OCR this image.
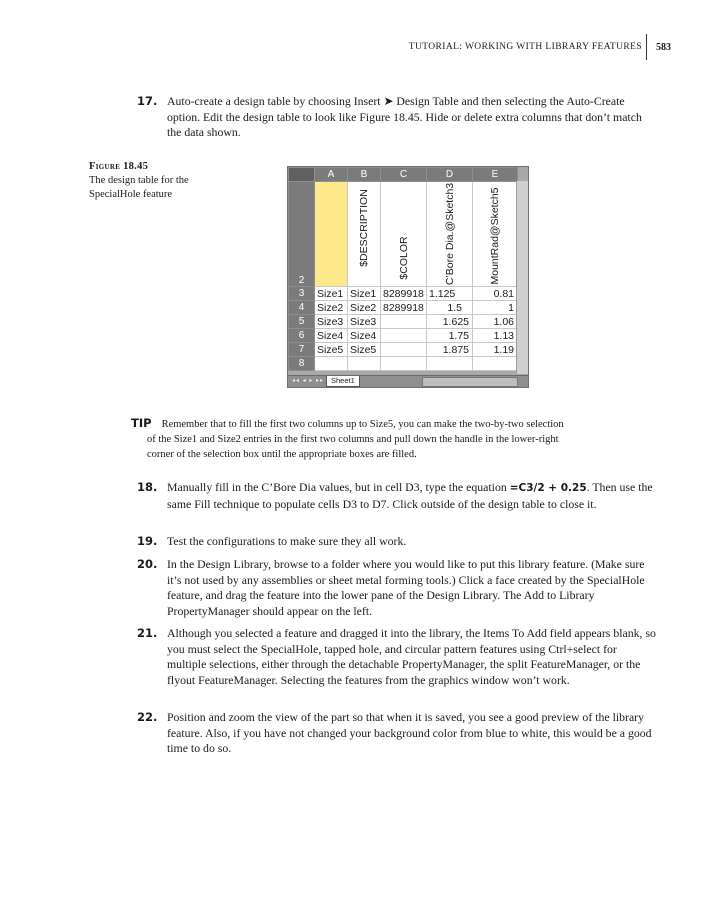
TUTORIAL: WORKING WITH LIBRARY FEATURES 583
17. Auto-create a design table by choosing Insert ➤ Design Table and then selecting the Auto-Create option. Edit the design table to look like Figure 18.45. Hide or delete extra columns that don’t match the data shown.
Figure 18.45
The design table for the SpecialHole feature
	A	B	C	D	E
2		$DESCRIPTION	$COLOR	C’Bore Dia.@Sketch3	MountRad@Sketch5

3	Size1	Size1	8289918	1.125	0.81
4	Size2	Size2	8289918	1.5	1
5	Size3	Size3		1.625	1.06
6	Size4	Size4		1.75	1.13
7	Size5	Size5		1.875	1.19
8					
◂◂ ◂ ▸ ▸▸ Sheet1
TIP Remember that to fill the first two columns up to Size5, you can make the two-by-two selection
of the Size1 and Size2 entries in the first two columns and pull down the handle in the lower-right
corner of the selection box until the appropriate boxes are filled.
18. Manually fill in the C’Bore Dia values, but in cell D3, type the equation =C3/2 + 0.25. Then use the same Fill technique to populate cells D3 to D7. Click outside of the design table to close it.
19. Test the configurations to make sure they all work.
20. In the Design Library, browse to a folder where you would like to put this library feature. (Make sure it’s not used by any assemblies or sheet metal forming tools.) Click a face created by the SpecialHole feature, and drag the feature into the lower pane of the Design Library. The Add to Library PropertyManager should appear on the left.
21. Although you selected a feature and dragged it into the library, the Items To Add field appears blank, so you must select the SpecialHole, tapped hole, and circular pattern features using Ctrl+select for multiple selections, either through the detachable PropertyManager, the split FeatureManager, or the flyout FeatureManager. Selecting the features from the graphics window won’t work.
22. Position and zoom the view of the part so that when it is saved, you see a good preview of the library feature. Also, if you have not changed your background color from blue to white, this would be a good time to do so.
